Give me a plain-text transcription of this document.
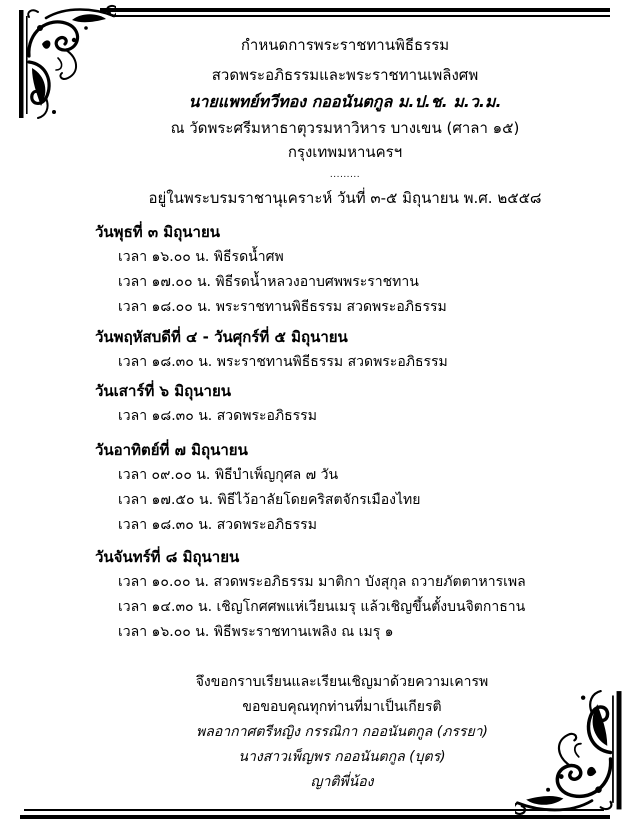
กำหนดการพระราชทานพิธีธรรม
สวดพระอภิธรรมและพระราชทานเพลิงศพ
นายแพทย์ทวีทอง กออนันตกูล ม.ป.ช. ม.ว.ม.
ณ วัดพระศรีมหาธาตุวรมหาวิหาร บางเขน (ศาลา ๑๕)
กรุงเทพมหานครฯ
.........
อยู่ในพระบรมราชานุเคราะห์ วันที่ ๓-๕ มิถุนายน พ.ศ. ๒๕๕๘
วันพุธที่ ๓ มิถุนายน
เวลา ๑๖.๐๐ น. พิธีรดน้ำศพ
เวลา ๑๗.๐๐ น. พิธีรดน้ำหลวงอาบศพพระราชทาน
เวลา ๑๘.๐๐ น. พระราชทานพิธีธรรม สวดพระอภิธรรม
วันพฤหัสบดีที่ ๔ - วันศุกร์ที่ ๕ มิถุนายน
เวลา ๑๘.๓๐ น. พระราชทานพิธีธรรม สวดพระอภิธรรม
วันเสาร์ที่ ๖ มิถุนายน
เวลา ๑๘.๓๐ น. สวดพระอภิธรรม
วันอาทิตย์ที่ ๗ มิถุนายน
เวลา ๐๙.๐๐ น. พิธีบำเพ็ญกุศล ๗ วัน
เวลา ๑๗.๕๐ น. พิธีไว้อาลัยโดยคริสตจักรเมืองไทย
เวลา ๑๘.๓๐ น. สวดพระอภิธรรม
วันจันทร์ที่ ๘ มิถุนายน
เวลา ๑๐.๐๐ น. สวดพระอภิธรรม มาติกา บังสุกุล ถวายภัตตาหารเพล
เวลา ๑๔.๓๐ น. เชิญโกศศพแห่เวียนเมรุ แล้วเชิญขึ้นตั้งบนจิตกาธาน
เวลา ๑๖.๐๐ น. พิธีพระราชทานเพลิง ณ เมรุ ๑
จึงขอกราบเรียนและเรียนเชิญมาด้วยความเคารพ
ขอขอบคุณทุกท่านที่มาเป็นเกียรติ
พลอากาศตรีหญิง กรรณิกา กออนันตกูล (ภรรยา)
นางสาวเพ็ญพร กออนันตกูล (บุตร)
ญาติพี่น้อง
